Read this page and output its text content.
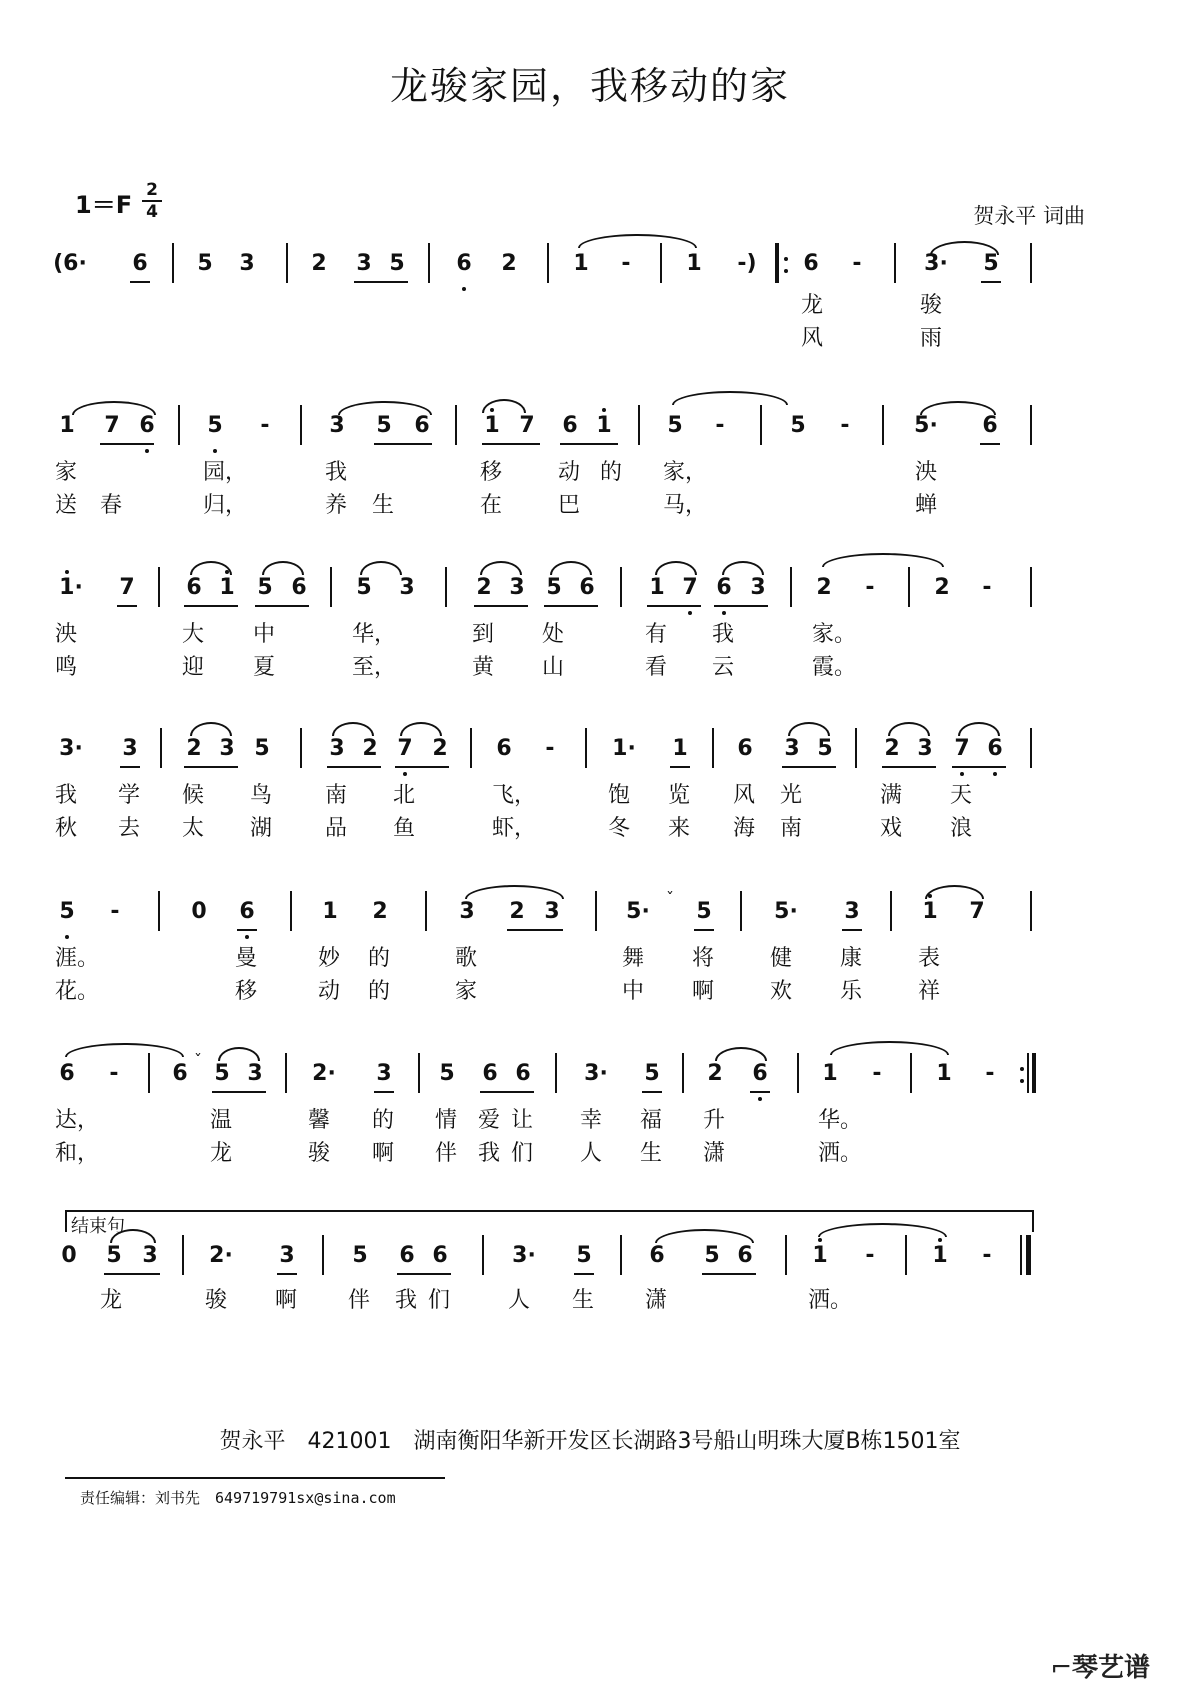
龙骏家园，我移动的家
1＝F
2
4	贺永平 词曲
(6· 6 5 3	2 3 5 6 2	1	-	1	-)	6	-	3· 5
龙	骏
风	雨
1 7 6 5	-	3 5 6 1 7 6 1	5	-	5	-	5· 6
家	园，	我	移	动 的 家，	泱
送 春	归，	养 生	在	巴	马，	蝉
1· 7 6 1 5 6 5 3	2 3 5 6 1 7 6 3 2	-	2	-
泱	大 中	华，	到 处	有 我	家。
鸣	迎 夏	至，	黄 山	看 云	霞。
3· 3 2 3 5	3 2 7 2 6	-	1· 1 6 3 5 2 3 7 6
我 学 候 鸟 南 北	飞，	饱 览 风 光	满 天
秋 去 太 湖 品 鱼	虾，	冬 来 海 南	戏 浪
5	-	0 6	1 2	3 2 3	5·
ˇ
5	5· 3	1 7
涯。	曼	妙 的	歌	舞 将	健 康	表
花。	移	动 的	家	中 啊	欢 乐	祥
6	-	6
ˇ
5 3 2· 3 5 6 6 3· 5 2 6 1	-	1	-
达，	温	馨 的 情 爱 让 幸 福 升	华。
和，	龙	骏 啊 伴 我 们 人 生 潇	洒。
结束句
0 5 3 2· 3	5 6 6	3· 5	6 5 6	1	-	1	-
龙	骏 啊 伴 我 们	人 生 潇	洒。
贺永平　421001　湖南衡阳华新开发区长湖路3号船山明珠大厦B栋1501室
责任编辑：刘书先　649719791sx@sina.com
⌐琴艺谱
